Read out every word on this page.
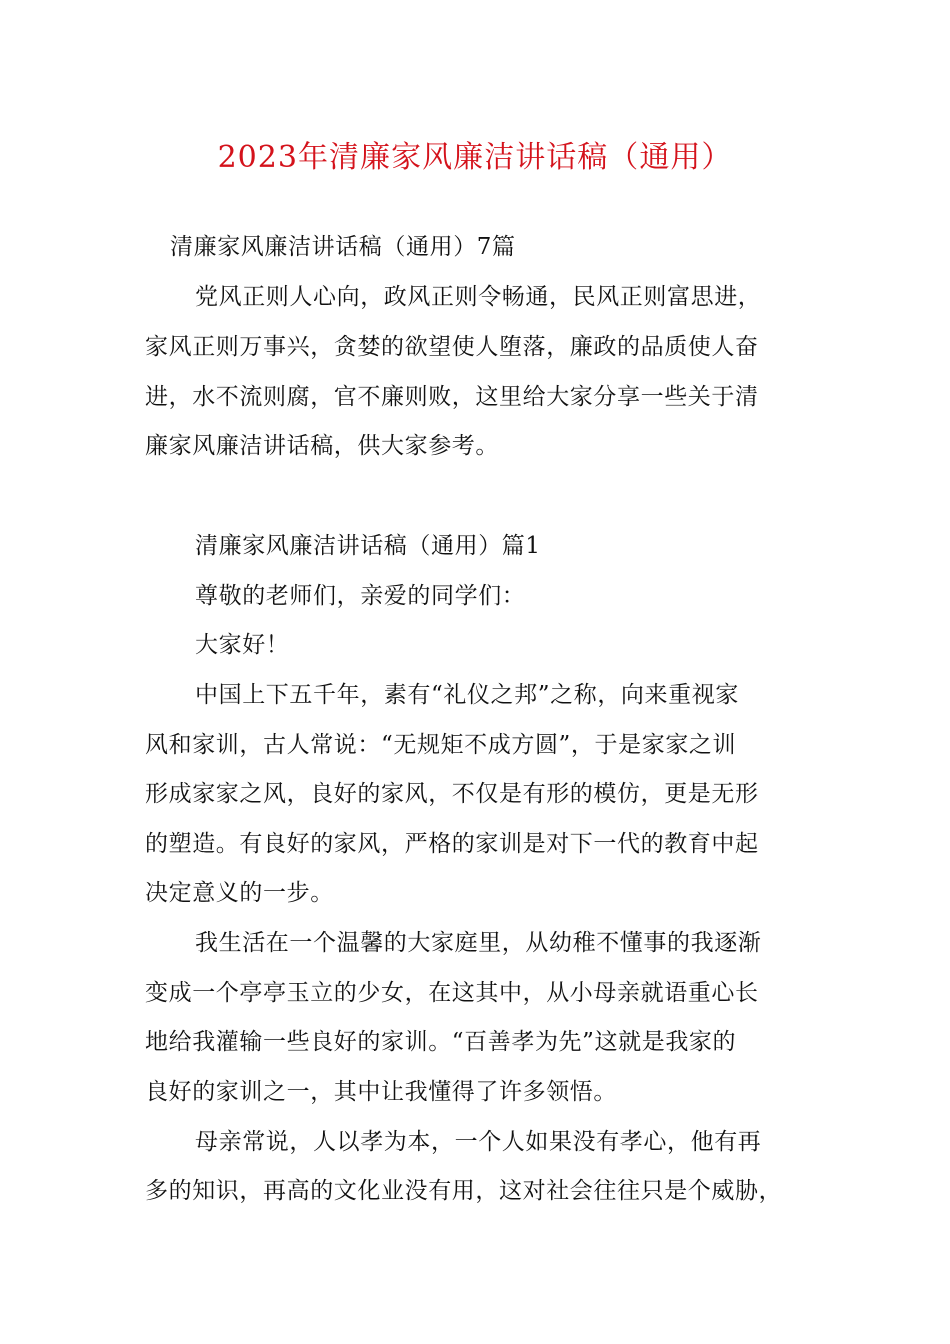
2023年清廉家风廉洁讲话稿（通用）
清廉家风廉洁讲话稿（通用）7篇
党风正则人心向，政风正则令畅通，民风正则富思进，
家风正则万事兴，贪婪的欲望使人堕落，廉政的品质使人奋
进，水不流则腐，官不廉则败，这里给大家分享一些关于清
廉家风廉洁讲话稿，供大家参考。
清廉家风廉洁讲话稿（通用）篇1
尊敬的老师们，亲爱的同学们：
大家好！
中国上下五千年，素有“礼仪之邦”之称，向来重视家
风和家训，古人常说：“无规矩不成方圆”，于是家家之训
形成家家之风，良好的家风，不仅是有形的模仿，更是无形
的塑造。有良好的家风，严格的家训是对下一代的教育中起
决定意义的一步。
我生活在一个温馨的大家庭里，从幼稚不懂事的我逐渐
变成一个亭亭玉立的少女，在这其中，从小母亲就语重心长
地给我灌输一些良好的家训。“百善孝为先”这就是我家的
良好的家训之一，其中让我懂得了许多领悟。
母亲常说，人以孝为本，一个人如果没有孝心，他有再
多的知识，再高的文化业没有用，这对社会往往只是个威胁，
